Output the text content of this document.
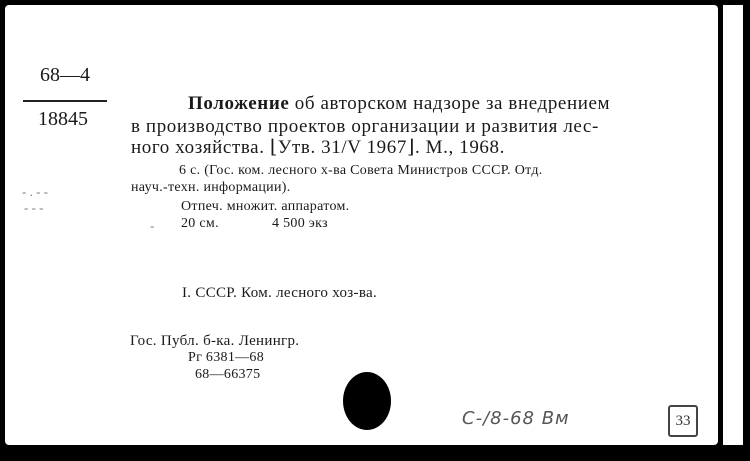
68—4
18845
Положение об авторском надзоре за внедрением
в производство проектов организации и развития лес-
ного хозяйства. ⌊Утв. 31/V 1967⌋. М., 1968.
6 с. (Гос. ком. лесного х-ва Совета Министров СССР. Отд.
науч.-техн. информации).
Отпеч. множит. аппаратом.
20 см.	4 500 экз
- . - -
- - -
-
I. СССР. Ком. лесного хоз-ва.
Гос. Публ. б-ка. Ленингр.
Рг 6381—68
68—66375
С-/8-68 Вм	33
